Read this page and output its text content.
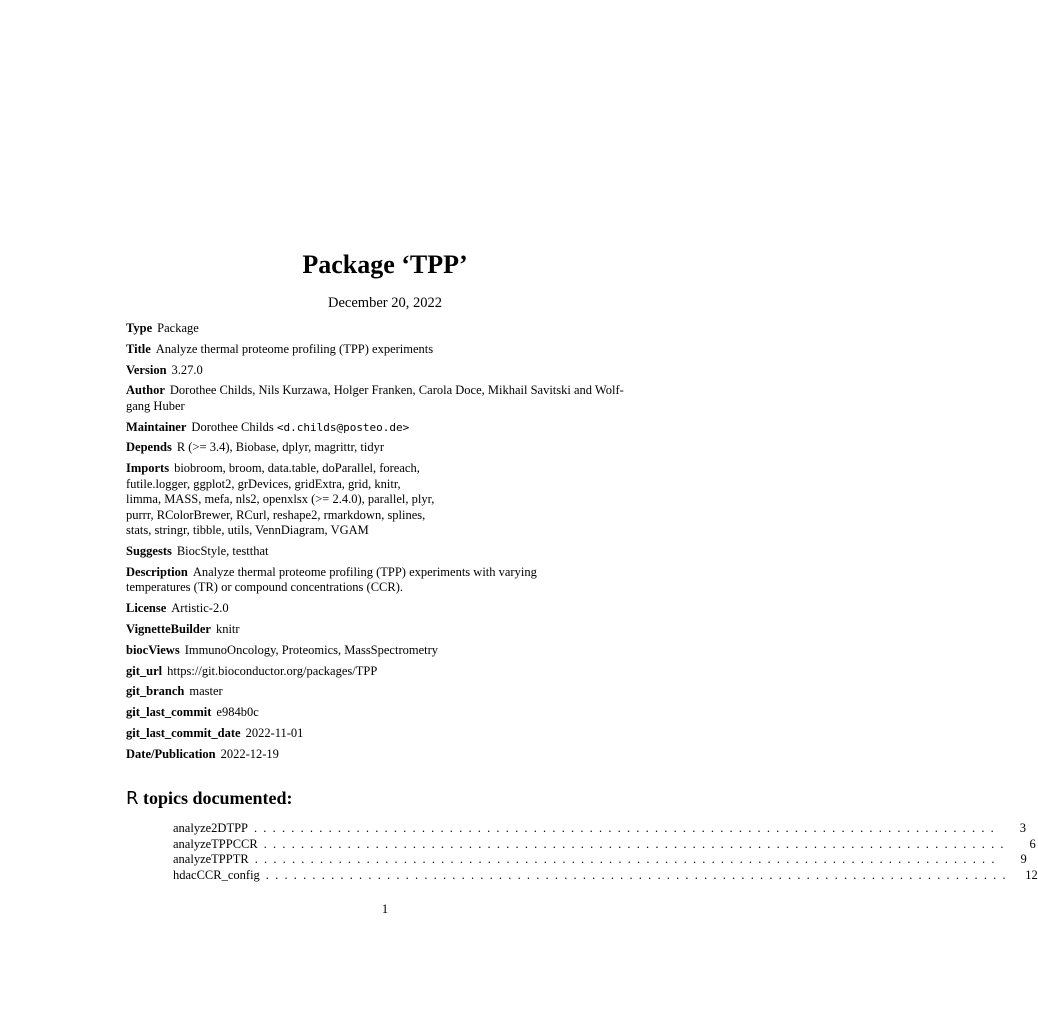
Package ‘TPP’
December 20, 2022
Type Package
Title Analyze thermal proteome profiling (TPP) experiments
Version 3.27.0
Author Dorothee Childs, Nils Kurzawa, Holger Franken, Carola Doce, Mikhail Savitski and Wolf-
gang Huber
Maintainer Dorothee Childs <d.childs@posteo.de>
Depends R (>= 3.4), Biobase, dplyr, magrittr, tidyr
Imports biobroom, broom, data.table, doParallel, foreach,
futile.logger, ggplot2, grDevices, gridExtra, grid, knitr,
limma, MASS, mefa, nls2, openxlsx (>= 2.4.0), parallel, plyr,
purrr, RColorBrewer, RCurl, reshape2, rmarkdown, splines,
stats, stringr, tibble, utils, VennDiagram, VGAM
Suggests BiocStyle, testthat
Description Analyze thermal proteome profiling (TPP) experiments with varying
temperatures (TR) or compound concentrations (CCR).
License Artistic-2.0
VignetteBuilder knitr
biocViews ImmunoOncology, Proteomics, MassSpectrometry
git_url https://git.bioconductor.org/packages/TPP
git_branch master
git_last_commit e984b0c
git_last_commit_date 2022-11-01
Date/Publication 2022-12-19
R topics documented:
analyze2DTPP ................................................................................	3
analyzeTPPCCR ................................................................................	6
analyzeTPPTR ................................................................................	9
hdacCCR_config ................................................................................	12
1
